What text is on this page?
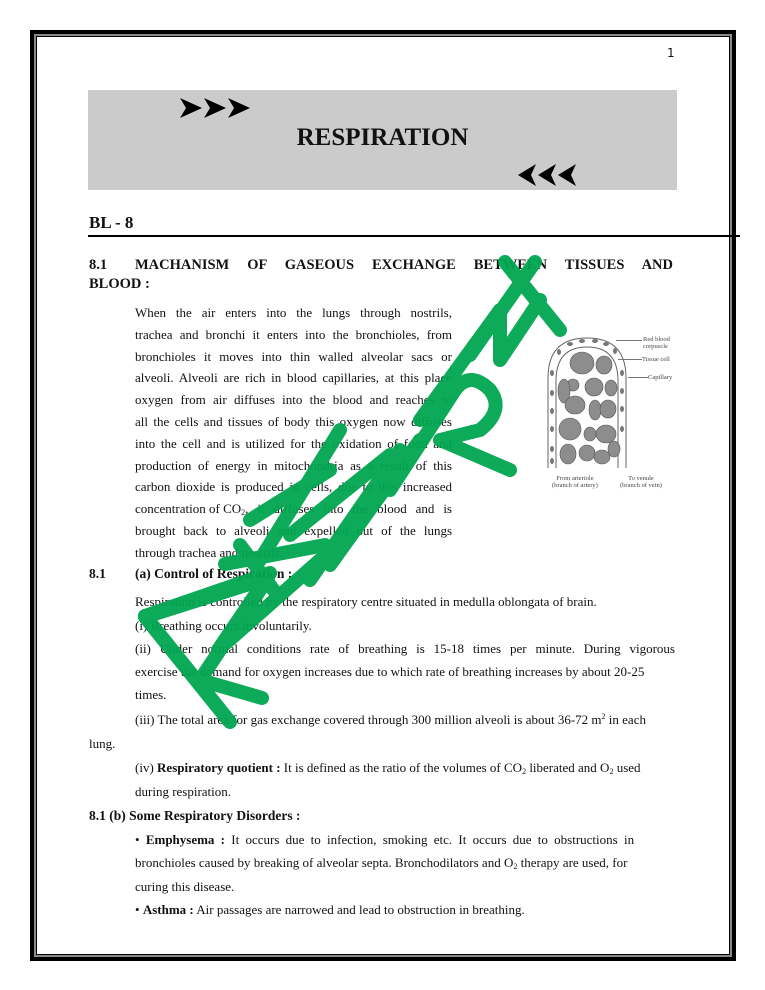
1
RESPIRATION
BL - 8
8.1 MACHANISM OF GASEOUS EXCHANGE BETWEEN TISSUES AND
BLOOD :
When the air enters into the lungs through nostrils,
trachea and bronchi it enters into the bronchioles, from
bronchioles it moves into thin walled alveolar sacs or
alveoli. Alveoli are rich in blood capillaries, at this place
oxygen from air diffuses into the blood and reaches to
all the cells and tissues of body this oxygen now diffuses
into the cell and is utilized for the oxidation of food and
production of energy in mitochondria as a result of this
carbon dioxide is produced in cells, due to this increased
concentration of CO $_2$ , it diffuses into the blood and is
brought back to alveoli and expelled out of the lungs
through trachea and nostrils.
Red blood corpuscle
Tissue cell
Capillary
From arteriole
(branch of artery)
To venule
(branch of vein)
8.1 (a) Control of Respiration :
Respiration is controlled by the respiratory centre situated in medulla oblongata of brain.
(i) Breathing occurs involuntarily.
(ii) Under normal conditions rate of breathing is 15-18 times per minute. During vigorous
exercise the demand for oxygen increases due to which rate of breathing increases by about 20-25
times.
(iii) The total area for gas exchange covered through 300 million alveoli is about 36-72 $m^2$ in each
lung.
(iv) Respiratory quotient : It is defined as the ratio of the volumes of $CO_2$ liberated and $O_2$ used
during respiration.
8.1 (b) Some Respiratory Disorders :
• Emphysema : It occurs due to infection, smoking etc. It occurs due to obstructions in
bronchioles caused by breaking of alveolar septa. Bronchodilators and $O_2$ therapy are used, for
curing this disease.
• Asthma : Air passages are narrowed and lead to obstruction in breathing.
